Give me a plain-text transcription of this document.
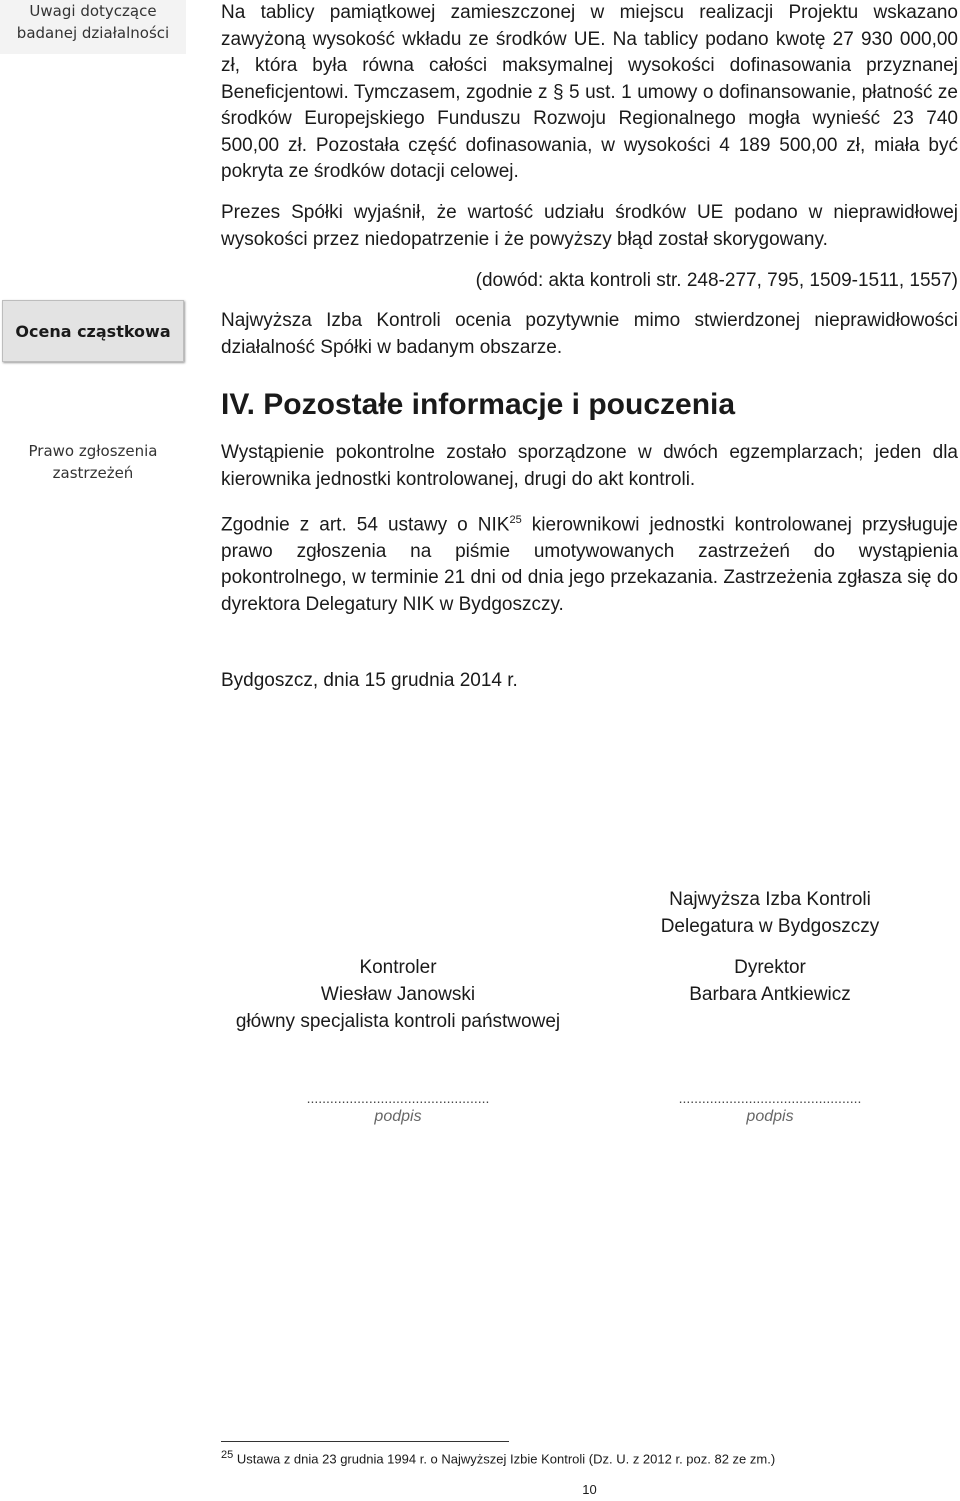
Uwagi dotyczące badanej działalności
Ocena cząstkowa
Prawo zgłoszenia zastrzeżeń

Na tablicy pamiątkowej zamieszczonej w miejscu realizacji Projektu wskazano zawyżoną wysokość wkładu ze środków UE. Na tablicy podano kwotę 27 930 000,00 zł, która była równa całości maksymalnej wysokości dofinasowania przyznanej Beneficjentowi. Tymczasem, zgodnie z § 5 ust. 1 umowy o dofinansowanie, płatność ze środków Europejskiego Funduszu Rozwoju Regionalnego mogła wynieść 23 740 500,00 zł. Pozostała część dofinasowania, w wysokości 4 189 500,00 zł, miała być pokryta ze środków dotacji celowej.

Prezes Spółki wyjaśnił, że wartość udziału środków UE podano w nieprawidłowej wysokości przez niedopatrzenie i że powyższy błąd został skorygowany.

(dowód: akta kontroli str. 248-277, 795, 1509-1511, 1557)

Najwyższa Izba Kontroli ocenia pozytywnie mimo stwierdzonej nieprawidłowości działalność Spółki w badanym obszarze.

IV. Pozostałe informacje i pouczenia

Wystąpienie pokontrolne zostało sporządzone w dwóch egzemplarzach; jeden dla kierownika jednostki kontrolowanej, drugi do akt kontroli.

Zgodnie z art. 54 ustawy o NIK$^{25}$ kierownikowi jednostki kontrolowanej przysługuje prawo zgłoszenia na piśmie umotywowanych zastrzeżeń do wystąpienia pokontrolnego, w terminie 21 dni od dnia jego przekazania. Zastrzeżenia zgłasza się do dyrektora Delegatury NIK w Bydgoszczy.

Bydgoszcz, dnia 15 grudnia 2014 r.
Najwyższa Izba Kontroli
Delegatura w Bydgoszczy
Kontroler
Wiesław Janowski
główny specjalista kontroli państwowej
Dyrektor
Barbara Antkiewicz
...............................................
podpis
...............................................
podpis
$^{25}$ Ustawa z dnia 23 grudnia 1994 r. o Najwyższej Izbie Kontroli (Dz. U. z 2012 r. poz. 82 ze zm.)
10
